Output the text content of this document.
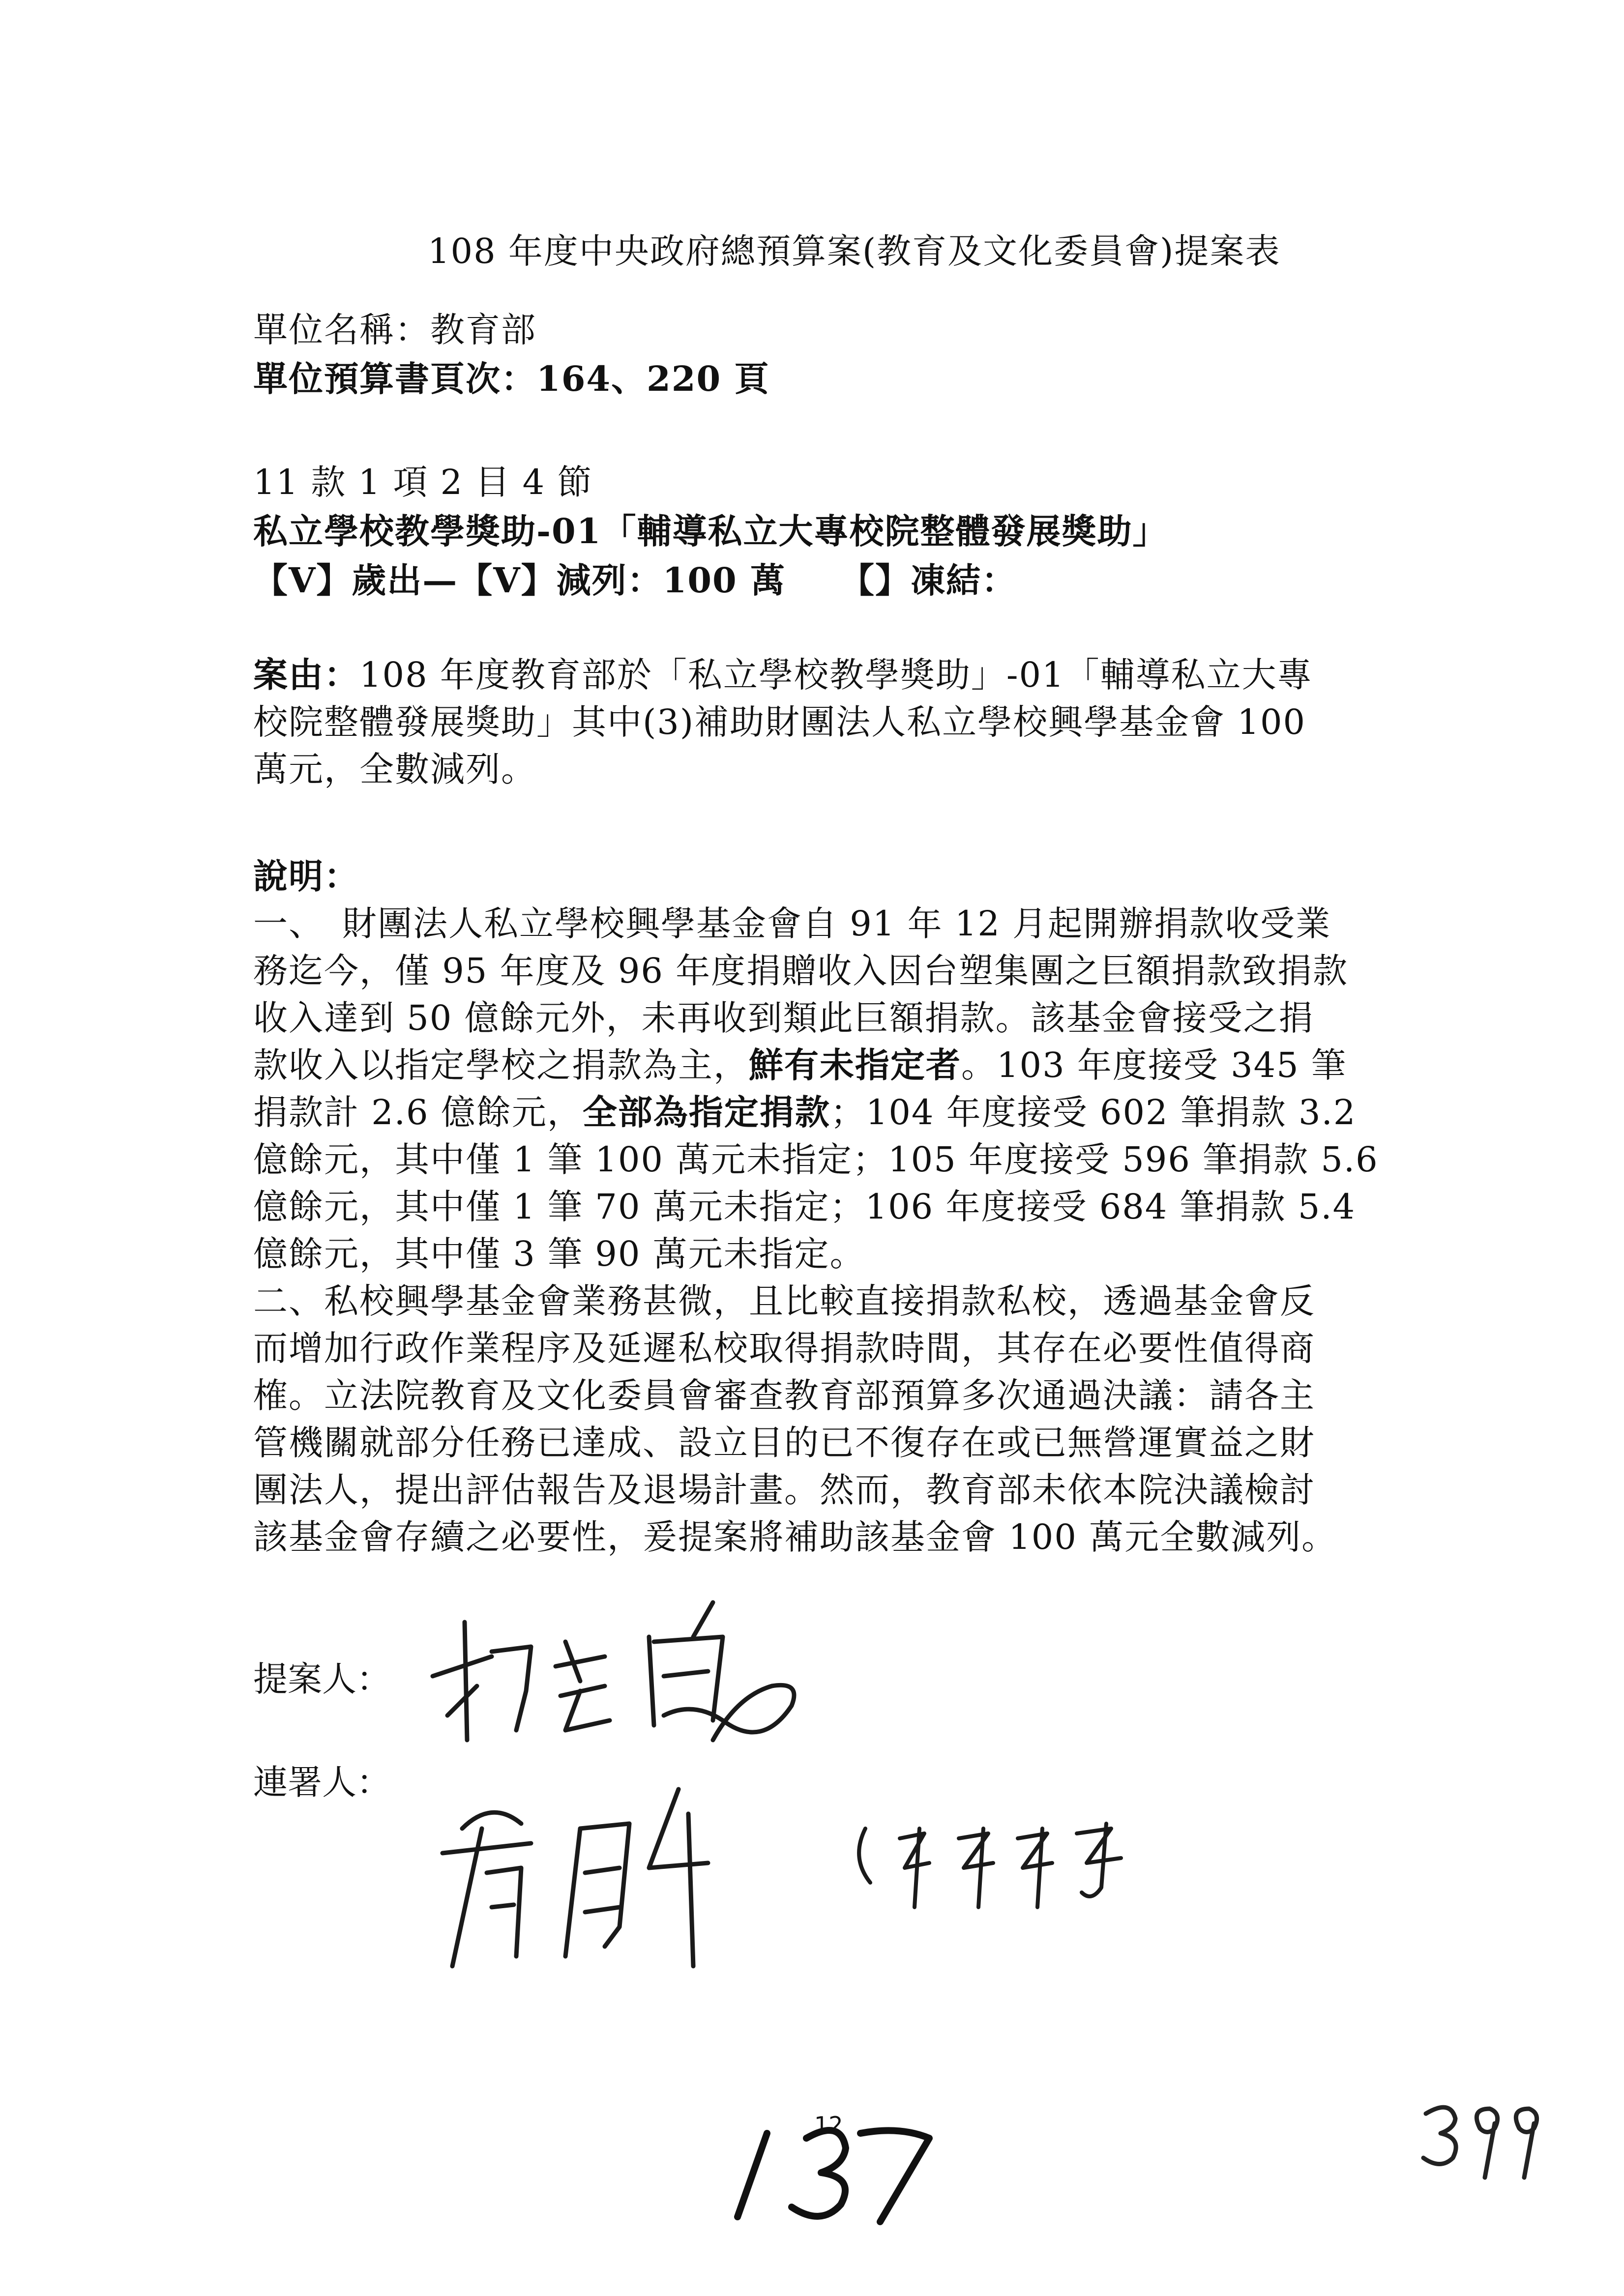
108 年度中央政府總預算案(教育及文化委員會)提案表
單位名稱：教育部
單位預算書頁次：164、220 頁
11 款 1 項 2 目 4 節
私立學校教學獎助-01「輔導私立大專校院整體發展獎助」
【V】歲出—【V】減列：100 萬 【】凍結：

案由：108 年度教育部於「私立學校教學獎助」-01「輔導私立大專

校院整體發展獎助」其中(3)補助財團法人私立學校興學基金會 100

萬元，全數減列。

說明：

一、　財團法人私立學校興學基金會自 91 年 12 月起開辦捐款收受業

務迄今，僅 95 年度及 96 年度捐贈收入因台塑集團之巨額捐款致捐款

收入達到 50 億餘元外，未再收到類此巨額捐款。該基金會接受之捐

款收入以指定學校之捐款為主，鮮有未指定者。103 年度接受 345 筆

捐款計 2.6 億餘元，全部為指定捐款；104 年度接受 602 筆捐款 3.2

億餘元，其中僅 1 筆 100 萬元未指定；105 年度接受 596 筆捐款 5.6

億餘元，其中僅 1 筆 70 萬元未指定；106 年度接受 684 筆捐款 5.4

億餘元，其中僅 3 筆 90 萬元未指定。

二、私校興學基金會業務甚微，且比較直接捐款私校，透過基金會反

而增加行政作業程序及延遲私校取得捐款時間，其存在必要性值得商

榷。立法院教育及文化委員會審查教育部預算多次通過決議：請各主

管機關就部分任務已達成、設立目的已不復存在或已無營運實益之財

團法人，提出評估報告及退場計畫。然而，教育部未依本院決議檢討

該基金會存續之必要性，爰提案將補助該基金會 100 萬元全數減列。

提案人：
連署人：
12
